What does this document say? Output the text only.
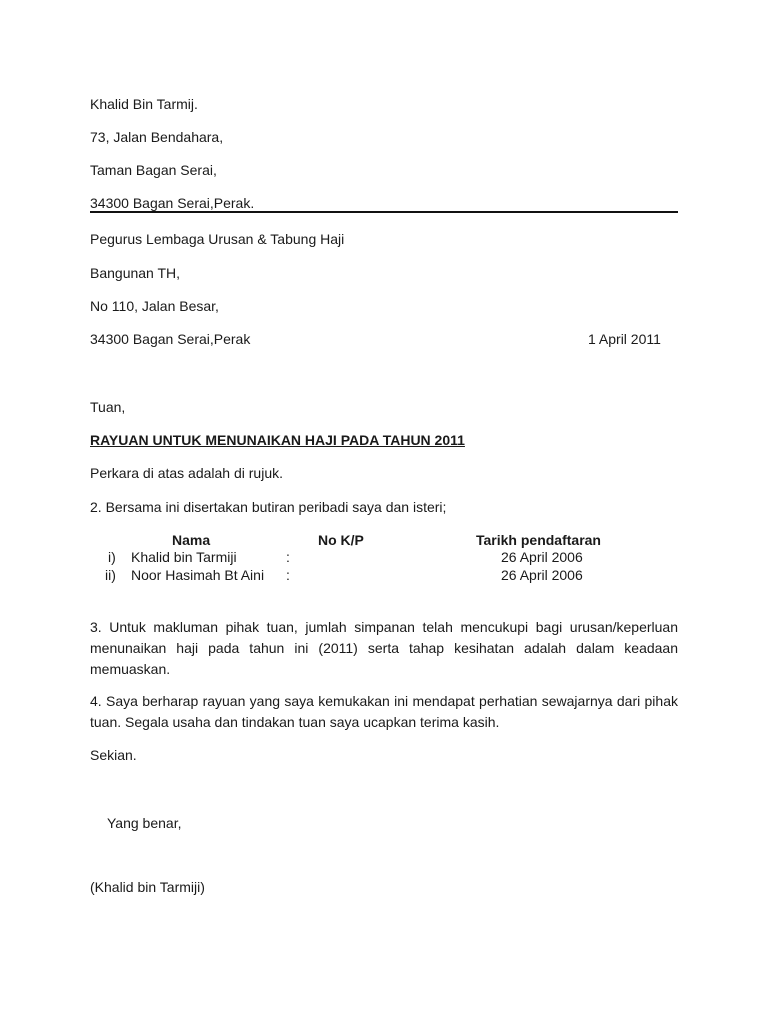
Khalid Bin Tarmij.
73, Jalan Bendahara,
Taman Bagan Serai,
34300 Bagan Serai,Perak.
Pegurus Lembaga Urusan & Tabung Haji
Bangunan TH,
No 110, Jalan Besar,
34300 Bagan Serai,Perak	1 April 2011
Tuan,
RAYUAN UNTUK MENUNAIKAN HAJI PADA TAHUN 2011
Perkara di atas adalah di rujuk.
2. Bersama ini disertakan butiran peribadi saya dan isteri;
Nama	No K/P	Tarikh pendaftaran
i) Khalid bin Tarmiji	:	26 April 2006
ii) Noor Hasimah Bt Aini :	26 April 2006
3. Untuk makluman pihak tuan, jumlah simpanan telah mencukupi bagi urusan/keperluan menunaikan haji pada tahun ini (2011) serta tahap kesihatan adalah dalam keadaan memuaskan.
4. Saya berharap rayuan yang saya kemukakan ini mendapat perhatian sewajarnya dari pihak tuan. Segala usaha dan tindakan tuan saya ucapkan terima kasih.
Sekian.
Yang benar,
(Khalid bin Tarmiji)
